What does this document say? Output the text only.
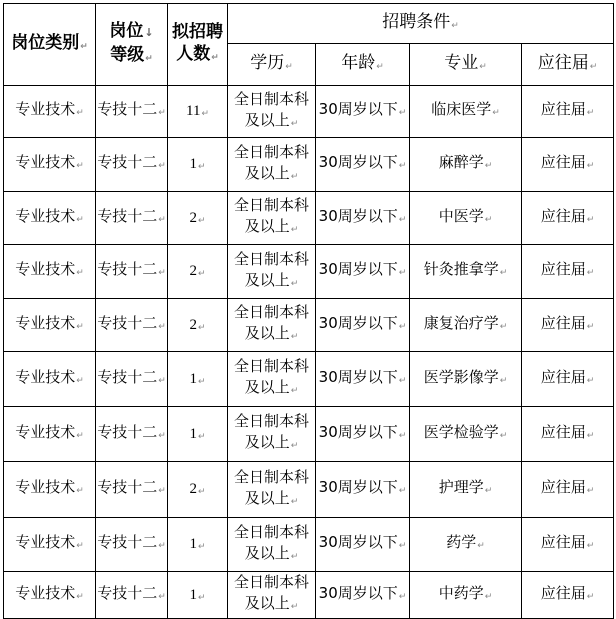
岗位类别↵	岗位↓
等级↵	拟招聘
人数↵	招聘条件↵			
			学历↵	年龄↵	专业↵	应往届↵
专业技术↵	专技十二↵	11↵	全日制本科
及以上↵	30周岁以下↵	临床医学↵	应往届↵
专业技术↵	专技十二↵	1↵	全日制本科
及以上↵	30周岁以下↵	麻醉学↵	应往届↵
专业技术↵	专技十二↵	2↵	全日制本科
及以上↵	30周岁以下↵	中医学↵	应往届↵
专业技术↵	专技十二↵	2↵	全日制本科
及以上↵	30周岁以下↵	针灸推拿学↵	应往届↵
专业技术↵	专技十二↵	2↵	全日制本科
及以上↵	30周岁以下↵	康复治疗学↵	应往届↵
专业技术↵	专技十二↵	1↵	全日制本科
及以上↵	30周岁以下↵	医学影像学↵	应往届↵
专业技术↵	专技十二↵	1↵	全日制本科
及以上↵	30周岁以下↵	医学检验学↵	应往届↵
专业技术↵	专技十二↵	2↵	全日制本科
及以上↵	30周岁以下↵	护理学↵	应往届↵
专业技术↵	专技十二↵	1↵	全日制本科
及以上↵	30周岁以下↵	药学↵	应往届↵
专业技术↵	专技十二↵	1↵	全日制本科
及以上↵	30周岁以下↵	中药学↵	应往届↵
